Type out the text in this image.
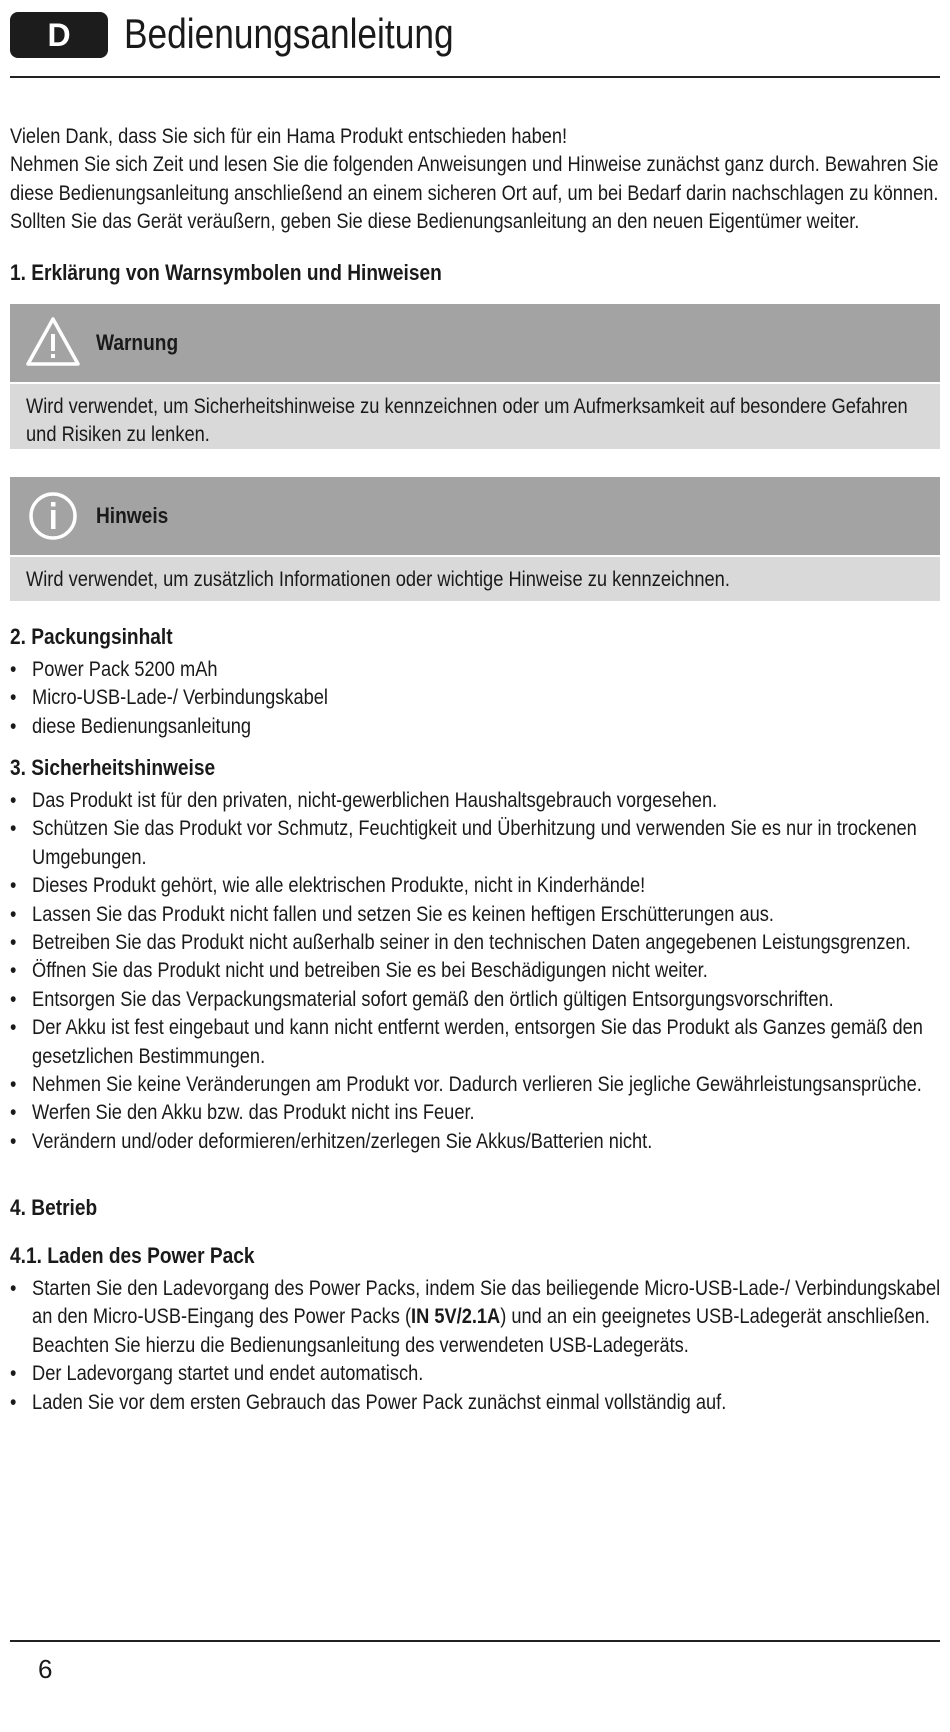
D	Bedienungsanleitung

Vielen Dank, dass Sie sich für ein Hama Produkt entschieden haben!

Nehmen Sie sich Zeit und lesen Sie die folgenden Anweisungen und Hinweise zunächst ganz durch. Bewahren Sie diese Bedienungsanleitung anschließend an einem sicheren Ort auf, um bei Bedarf darin nachschlagen zu können. Sollten Sie das Gerät veräußern, geben Sie diese Bedienungsanleitung an den neuen Eigentümer weiter.

1. Erklärung von Warnsymbolen und Hinweisen
Warnung
Wird verwendet, um Sicherheitshinweise zu kennzeichnen oder um Aufmerksamkeit auf besondere Gefahren und Risiken zu lenken.
Hinweis
Wird verwendet, um zusätzlich Informationen oder wichtige Hinweise zu kennzeichnen.
2. Packungsinhalt
• Power Pack 5200 mAh
• Micro-USB-Lade-/ Verbindungskabel
• diese Bedienungsanleitung
3. Sicherheitshinweise
• Das Produkt ist für den privaten, nicht-gewerblichen Haushaltsgebrauch vorgesehen.
• Schützen Sie das Produkt vor Schmutz, Feuchtigkeit und Überhitzung und verwenden Sie es nur in trockenen Umgebungen.
• Dieses Produkt gehört, wie alle elektrischen Produkte, nicht in Kinderhände!
• Lassen Sie das Produkt nicht fallen und setzen Sie es keinen heftigen Erschütterungen aus.
• Betreiben Sie das Produkt nicht außerhalb seiner in den technischen Daten angegebenen Leistungsgrenzen.
• Öffnen Sie das Produkt nicht und betreiben Sie es bei Beschädigungen nicht weiter.
• Entsorgen Sie das Verpackungsmaterial sofort gemäß den örtlich gültigen Entsorgungsvorschriften.
• Der Akku ist fest eingebaut und kann nicht entfernt werden, entsorgen Sie das Produkt als Ganzes gemäß den gesetzlichen Bestimmungen.
• Nehmen Sie keine Veränderungen am Produkt vor. Dadurch verlieren Sie jegliche Gewährleistungsansprüche.
• Werfen Sie den Akku bzw. das Produkt nicht ins Feuer.
• Verändern und/oder deformieren/erhitzen/zerlegen Sie Akkus/Batterien nicht.
4. Betrieb
4.1. Laden des Power Pack
• Starten Sie den Ladevorgang des Power Packs, indem Sie das beiliegende Micro-USB-Lade-/ Verbindungskabel an den Micro-USB-Eingang des Power Packs (IN 5V/2.1A) und an ein geeignetes USB-Ladegerät anschließen. Beachten Sie hierzu die Bedienungsanleitung des verwendeten USB-Ladegeräts.
• Der Ladevorgang startet und endet automatisch.
• Laden Sie vor dem ersten Gebrauch das Power Pack zunächst einmal vollständig auf.
6
